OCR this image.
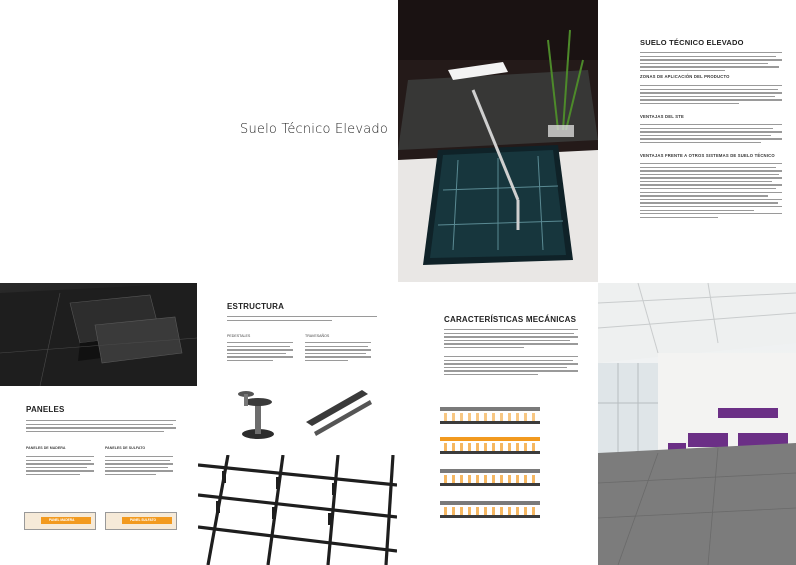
Suelo Técnico Elevado
SUELO TÉCNICO ELEVADO
ZONAS DE APLICACIÓN DEL PRODUCTO
VENTAJAS DEL STE
VENTAJAS FRENTE A OTROS SISTEMAS DE SUELO TÉCNICO
PANELES
PANELES DE MADERA	PANELES DE SULFATO
PANEL MADERA	PANEL SULFATO
ESTRUCTURA
PEDESTALES	TRAVESAÑOS
CARACTERÍSTICAS MECÁNICAS
